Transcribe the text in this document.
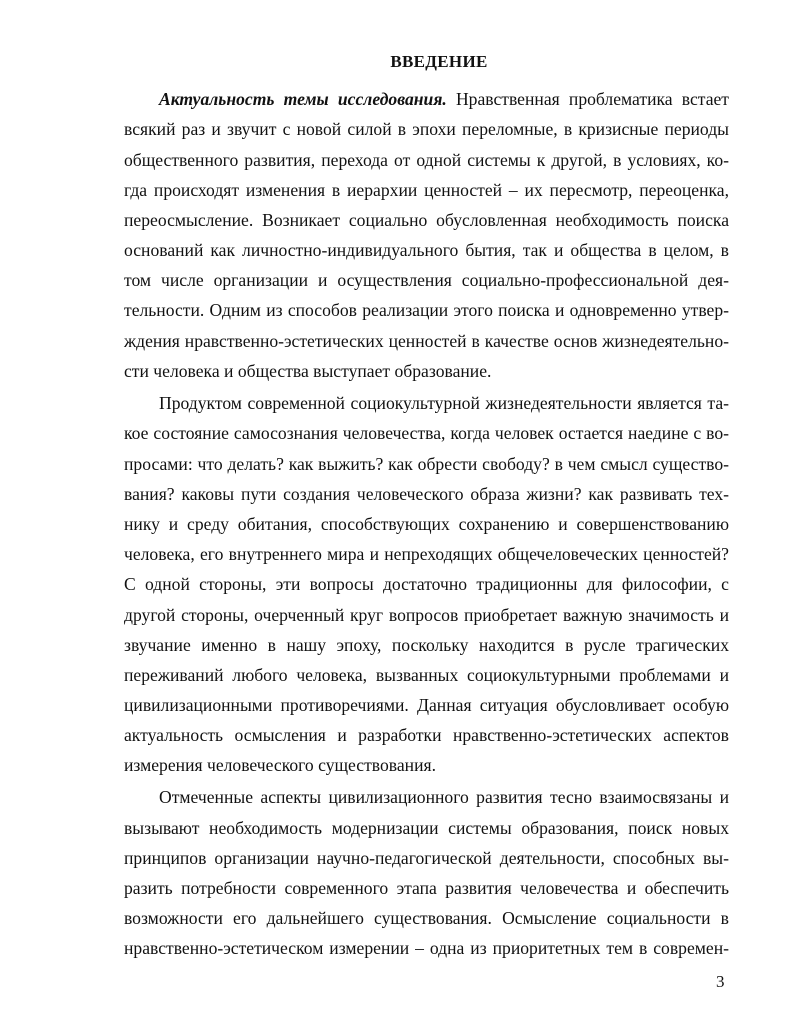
ВВЕДЕНИЕ
Актуальность темы исследования. Нравственная проблематика встает
всякий раз и звучит с новой силой в эпохи переломные, в кризисные периоды
общественного развития, перехода от одной системы к другой, в условиях, ко-
гда происходят изменения в иерархии ценностей – их пересмотр, переоценка,
переосмысление. Возникает социально обусловленная необходимость поиска
оснований как личностно-индивидуального бытия, так и общества в целом, в
том числе организации и осуществления социально-профессиональной дея-
тельности. Одним из способов реализации этого поиска и одновременно утвер-
ждения нравственно-эстетических ценностей в качестве основ жизнедеятельно-
сти человека и общества выступает образование.
Продуктом современной социокультурной жизнедеятельности является та-
кое состояние самосознания человечества, когда человек остается наедине с во-
просами: что делать? как выжить? как обрести свободу? в чем смысл существо-
вания? каковы пути создания человеческого образа жизни? как развивать тех-
нику и среду обитания, способствующих сохранению и совершенствованию
человека, его внутреннего мира и непреходящих общечеловеческих ценностей?
С одной стороны, эти вопросы достаточно традиционны для философии, с
другой стороны, очерченный круг вопросов приобретает важную значимость и
звучание именно в нашу эпоху, поскольку находится в русле трагических
переживаний любого человека, вызванных социокультурными проблемами и
цивилизационными противоречиями. Данная ситуация обусловливает особую
актуальность осмысления и разработки нравственно-эстетических аспектов
измерения человеческого существования.
Отмеченные аспекты цивилизационного развития тесно взаимосвязаны и
вызывают необходимость модернизации системы образования, поиск новых
принципов организации научно-педагогической деятельности, способных вы-
разить потребности современного этапа развития человечества и обеспечить
возможности его дальнейшего существования. Осмысление социальности в
нравственно-эстетическом измерении – одна из приоритетных тем в современ-
3
